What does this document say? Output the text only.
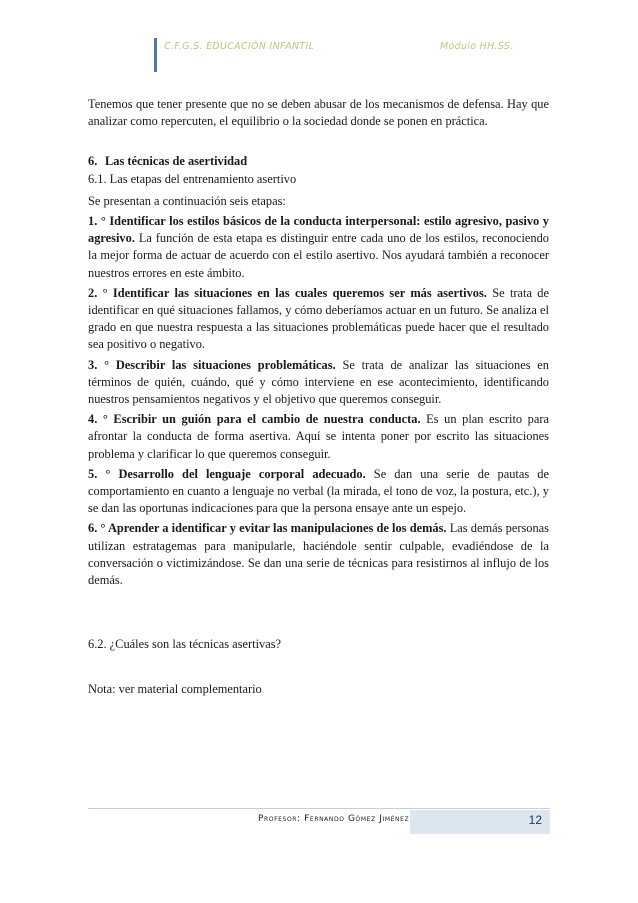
C.F.G.S. EDUCACIÓN INFANTIL	Módulo HH.SS.

Tenemos que tener presente que no se deben abusar de los mecanismos de defensa. Hay que analizar como repercuten, el equilibrio o la sociedad donde se ponen en práctica.

6. Las técnicas de asertividad

6.1. Las etapas del entrenamiento asertivo

Se presentan a continuación seis etapas:

1. ° Identificar los estilos básicos de la conducta interpersonal: estilo agresivo, pasivo y agresivo. La función de esta etapa es distinguir entre cada uno de los estilos, reconociendo la mejor forma de actuar de acuerdo con el estilo asertivo. Nos ayudará también a reconocer nuestros errores en este ámbito.

2. ° Identificar las situaciones en las cuales queremos ser más asertivos. Se trata de identificar en qué situaciones fallamos, y cómo deberíamos actuar en un futuro. Se analiza el grado en que nuestra respuesta a las situaciones problemáticas puede hacer que el resultado sea positivo o negativo.

3. ° Describir las situaciones problemáticas. Se trata de analizar las situaciones en términos de quién, cuándo, qué y cómo interviene en ese acontecimiento, identificando nuestros pensamientos negativos y el objetivo que queremos conseguir.

4. ° Escribir un guión para el cambio de nuestra conducta. Es un plan escrito para afrontar la conducta de forma asertiva. Aquí se intenta poner por escrito las situaciones problema y clarificar lo que queremos conseguir.

5. ° Desarrollo del lenguaje corporal adecuado. Se dan una serie de pautas de comportamiento en cuanto a lenguaje no verbal (la mirada, el tono de voz, la postura, etc.), y se dan las oportunas indicaciones para que la persona ensaye ante un espejo.

6. ° Aprender a identificar y evitar las manipulaciones de los demás. Las demás personas utilizan estratagemas para manipularle, haciéndole sentir culpable, evadiéndose de la conversación o victimizándose. Se dan una serie de técnicas para resistirnos al influjo de los demás.

6.2. ¿Cuáles son las técnicas asertivas?

Nota: ver material complementario

Profesor: Fernando Gómez Jiménez	12
